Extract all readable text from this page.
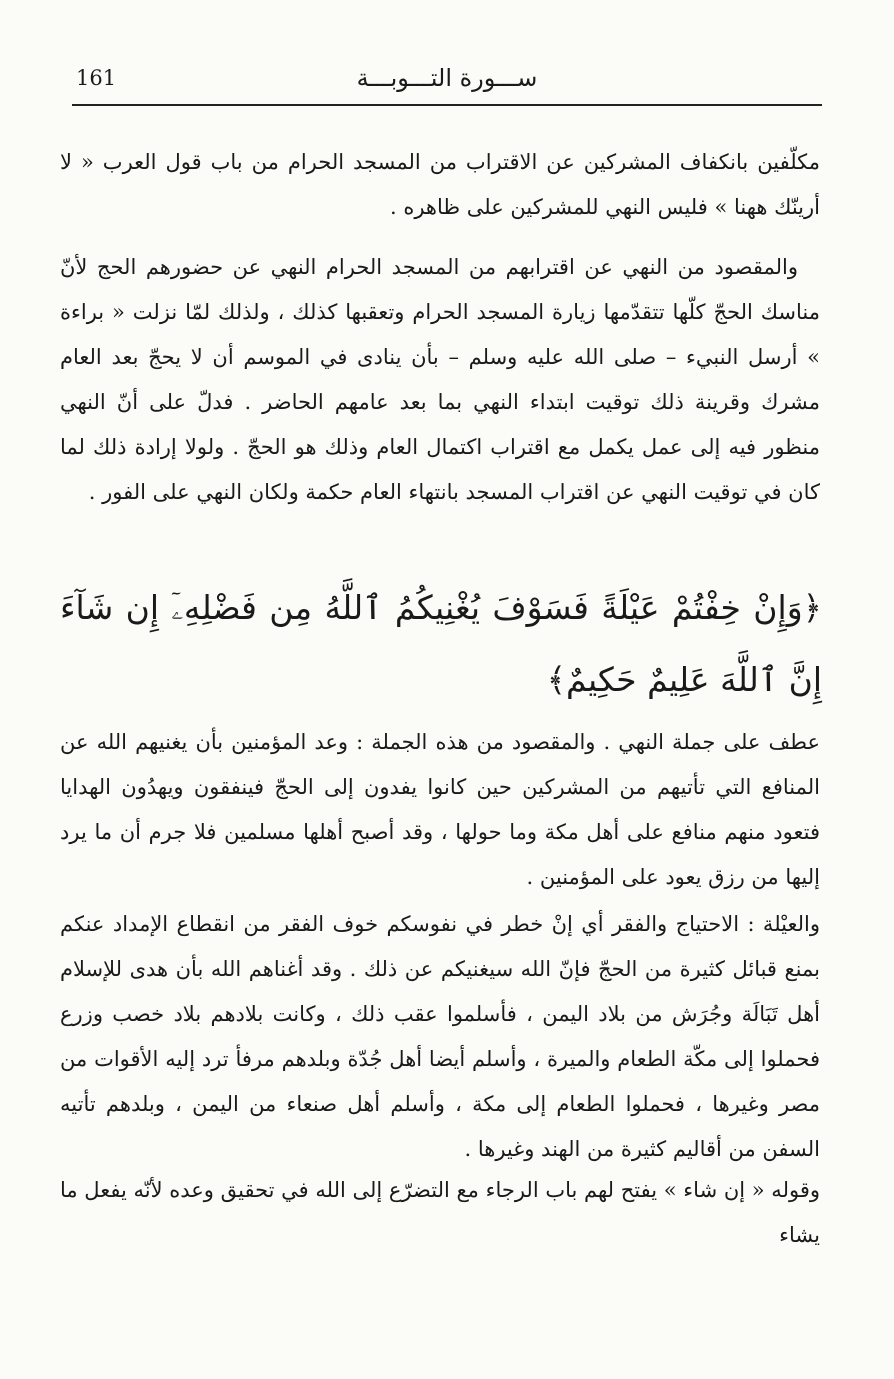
161	ســـورة التـــوبـــة

مكلّفين بانكفاف المشركين عن الاقتراب من المسجد الحرام من باب قول العرب « لا أرينّك ههنا » فليس النهي للمشركين على ظاهره .

والمقصود من النهي عن اقترابهم من المسجد الحرام النهي عن حضورهم الحج لأنّ مناسك الحجّ كلّها تتقدّمها زيارة المسجد الحرام وتعقبها كذلك ، ولذلك لمّا نزلت « براءة » أرسل النبيء – صلى الله عليه وسلم – بأن ينادى في الموسم أن لا يحجّ بعد العام مشرك وقرينة ذلك توقيت ابتداء النهي بما بعد عامهم الحاضر . فدلّ على أنّ النهي منظور فيه إلى عمل يكمل مع اقتراب اكتمال العام وذلك هو الحجّ . ولولا إرادة ذلك لما كان في توقيت النهي عن اقتراب المسجد بانتهاء العام حكمة ولكان النهي على الفور .

﴿وَإِنْ خِفْتُمْ عَيْلَةً فَسَوْفَ يُغْنِيكُمُ ٱللَّهُ مِن فَضْلِهِۦٓ إِن شَآءَ إِنَّ ٱللَّهَ عَلِيمٌ حَكِيمٌ﴾

عطف على جملة النهي . والمقصود من هذه الجملة : وعد المؤمنين بأن يغنيهم الله عن المنافع التي تأتيهم من المشركين حين كانوا يفدون إلى الحجّ فينفقون ويهدُون الهدايا فتعود منهم منافع على أهل مكة وما حولها ، وقد أصبح أهلها مسلمين فلا جرم أن ما يرد إليها من رزق يعود على المؤمنين .

والعيْلة : الاحتياج والفقر أي إنْ خطر في نفوسكم خوف الفقر من انقطاع الإمداد عنكم بمنع قبائل كثيرة من الحجّ فإنّ الله سيغنيكم عن ذلك . وقد أغناهم الله بأن هدى للإسلام أهل تَبَالَة وجُرَش من بلاد اليمن ، فأسلموا عقب ذلك ، وكانت بلادهم بلاد خصب وزرع فحملوا إلى مكّة الطعام والميرة ، وأسلم أيضا أهل جُدّة وبلدهم مرفأ ترد إليه الأقوات من مصر وغيرها ، فحملوا الطعام إلى مكة ، وأسلم أهل صنعاء من اليمن ، وبلدهم تأتيه السفن من أقاليم كثيرة من الهند وغيرها .

وقوله « إن شاء » يفتح لهم باب الرجاء مع التضرّع إلى الله في تحقيق وعده لأنّه يفعل ما يشاء
